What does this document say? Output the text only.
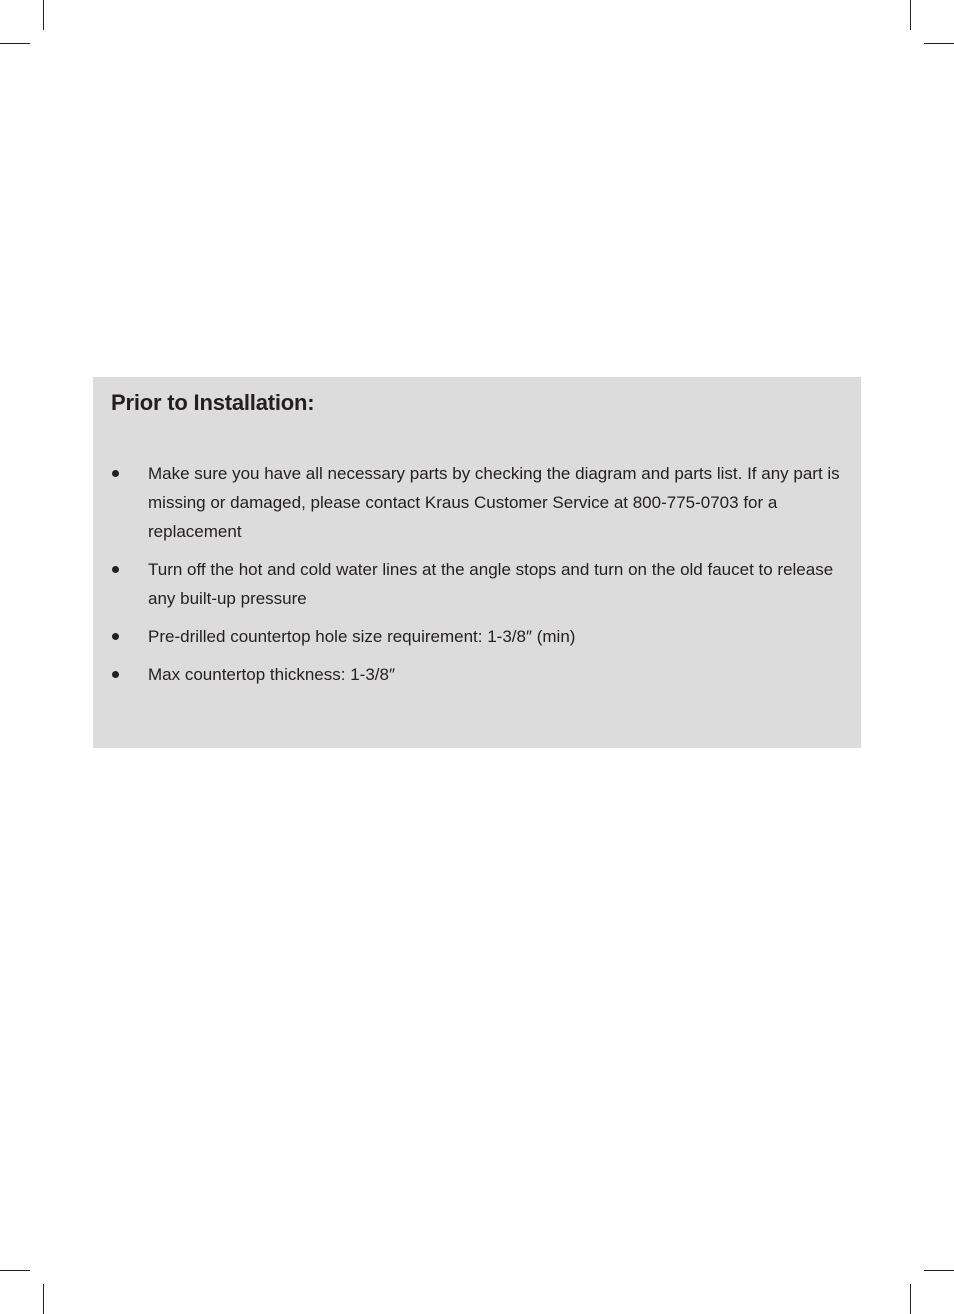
Prior to Installation:
Make sure you have all necessary parts by checking the diagram and parts list. If any part is missing or damaged, please contact Kraus Customer Service at 800-775-0703 for a replacement
Turn off the hot and cold water lines at the angle stops and turn on the old faucet to release any built-up pressure
Pre-drilled countertop hole size requirement: 1-3/8″ (min)
Max countertop thickness: 1-3/8″
